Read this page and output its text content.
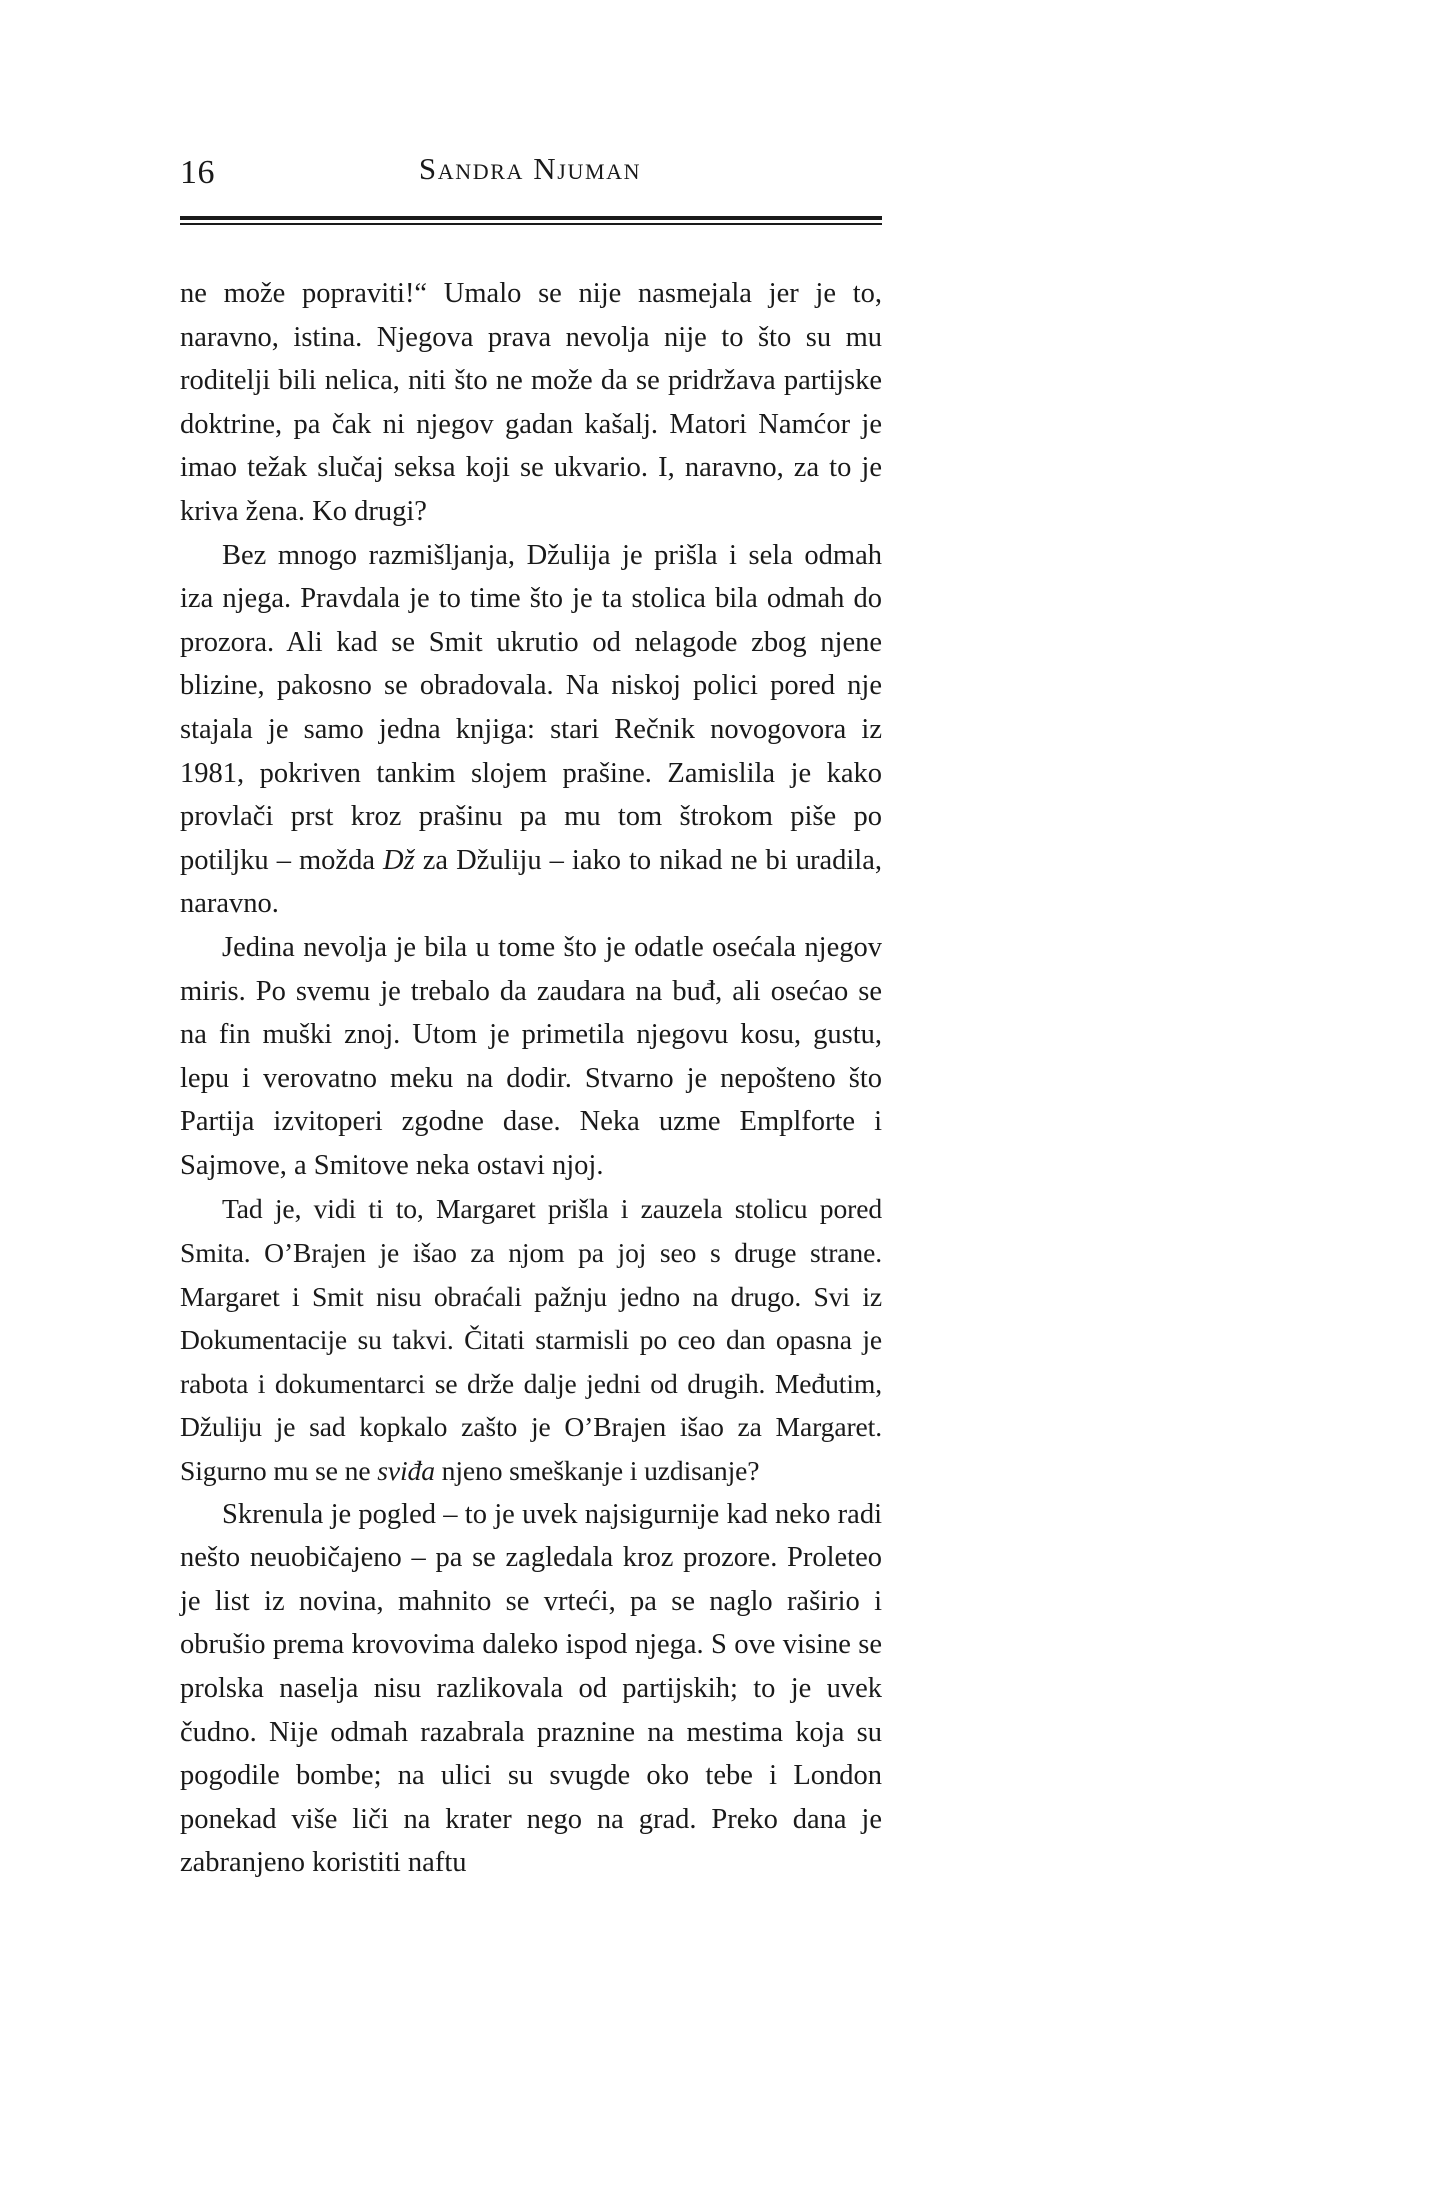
16	Sandra Njuman

ne može popraviti!“ Umalo se nije nasmejala jer je to, naravno, istina. Njegova prava nevolja nije to što su mu roditelji bili nelica, niti što ne može da se pridržava partijske doktrine, pa čak ni njegov gadan kašalj. Matori Namćor je imao težak slučaj seksa koji se ukvario. I, naravno, za to je kriva žena. Ko drugi?

Bez mnogo razmišljanja, Džulija je prišla i sela odmah iza njega. Pravdala je to time što je ta stolica bila odmah do prozora. Ali kad se Smit ukrutio od nelagode zbog njene blizine, pakosno se obradovala. Na niskoj polici pored nje stajala je samo jedna knjiga: stari Rečnik novogovora iz 1981, pokriven tankim slojem prašine. Zamislila je kako provlači prst kroz prašinu pa mu tom štrokom piše po potiljku – možda Dž za Džuliju – iako to nikad ne bi uradila, naravno.

Jedina nevolja je bila u tome što je odatle osećala njegov miris. Po svemu je trebalo da zaudara na buđ, ali osećao se na fin muški znoj. Utom je primetila njegovu kosu, gustu, lepu i verovatno meku na dodir. Stvarno je nepošteno što Partija izvitoperi zgodne dase. Neka uzme Emplforte i Sajmove, a Smitove neka ostavi njoj.

Tad je, vidi ti to, Margaret prišla i zauzela stolicu pored Smita. O’Brajen je išao za njom pa joj seo s druge strane. Margaret i Smit nisu obraćali pažnju jedno na drugo. Svi iz Dokumentacije su takvi. Čitati starmisli po ceo dan opasna je rabota i dokumentarci se drže dalje jedni od drugih. Međutim, Džuliju je sad kopkalo zašto je O’Brajen išao za Margaret. Sigurno mu se ne sviđa njeno smeškanje i uzdisanje?

Skrenula je pogled – to je uvek najsigurnije kad neko radi nešto neuobičajeno – pa se zagledala kroz prozore. Proleteo je list iz novina, mahnito se vrteći, pa se naglo raširio i obrušio prema krovovima daleko ispod njega. S ove visine se prolska naselja nisu razlikovala od partijskih; to je uvek čudno. Nije odmah razabrala praznine na mestima koja su pogodile bombe; na ulici su svugde oko tebe i London ponekad više liči na krater nego na grad. Preko dana je zabranjeno koristiti naftu
